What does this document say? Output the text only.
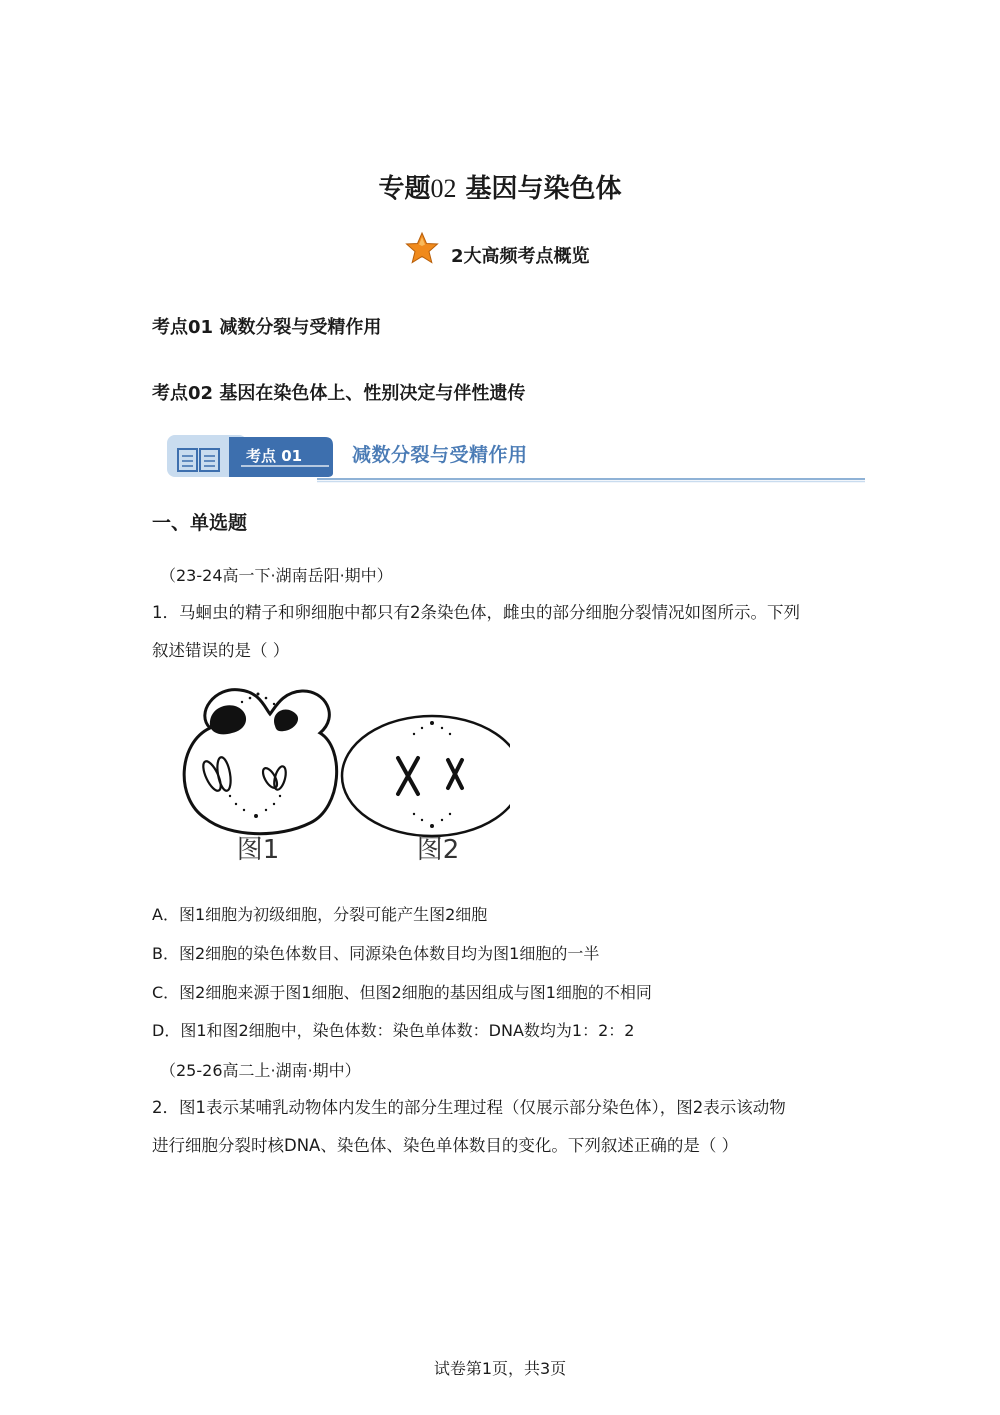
专题02 基因与染色体
2大高频考点概览
考点01 减数分裂与受精作用
考点02 基因在染色体上、性别决定与伴性遗传
考点 01	减数分裂与受精作用
一、单选题
（23-24高一下·湖南岳阳·期中）
1．马蛔虫的精子和卵细胞中都只有2条染色体，雌虫的部分细胞分裂情况如图所示。下列
叙述错误的是（ ）
图1	图2
A．图1细胞为初级细胞，分裂可能产生图2细胞
B．图2细胞的染色体数目、同源染色体数目均为图1细胞的一半
C．图2细胞来源于图1细胞、但图2细胞的基因组成与图1细胞的不相同
D．图1和图2细胞中，染色体数：染色单体数：DNA数均为1：2：2
（25-26高二上·湖南·期中）
2．图1表示某哺乳动物体内发生的部分生理过程（仅展示部分染色体），图2表示该动物
进行细胞分裂时核DNA、染色体、染色单体数目的变化。下列叙述正确的是（ ）
试卷第1页，共3页
